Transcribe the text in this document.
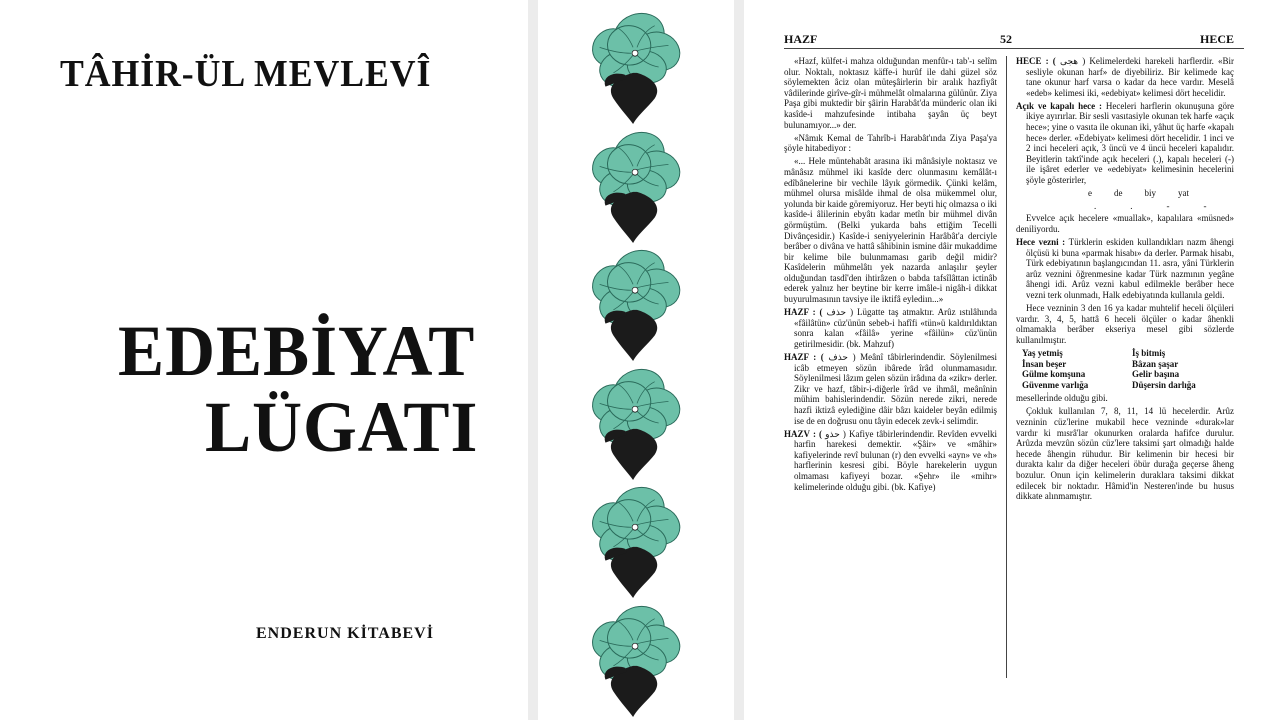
TÂHİR-ÜL MEVLEVÎ
EDEBİYAT
LÜGATI
ENDERUN KİTABEVİ
HAZF	52	HECE

«Hazf, külfet-i mahza olduğundan menfûr-ı tab'-ı selîm olur. Noktalı, noktasız käffe-i hurûf ile dahi güzel söz söylemekten âciz olan müteşâirlerin bir aralık hazfiyât vâdilerinde girîve-gîr-i mühmelât olmalarına gülünür. Ziya Paşa gibi muktedir bir şâirin Harabât'da münderic olan iki kasîde-i mahzufesinde intibaha şayân üç beyt bulunamıyor...» der.

«Nâmık Kemal de Tahrîb-i Harabât'ında Ziya Paşa'ya şöyle hitabediyor :

«... Hele müntehabât arasına iki mânâsiyle noktasız ve mânâsız mühmel iki kasîde derc olunmasını kemâlât-ı edîbânelerine bir vechile lâyık görmedik. Çünki kelâm, mühmel olursa misâlde ihmal de olsa mükemmel olur, yolunda bir kaide göremiyoruz. Her beyti hiç olmazsa o iki kasîde-i âlilerinin ebyâtı kadar metîn bir mühmel divân görmüştüm. (Belki yukarda bahs ettiğim Tecelli Divânçesidir.) Kasîde-i seniyyelerinin Harâbât'a derciyle berâber o divâna ve hattâ sâhibinin ismine dâir mukaddime bir kelime bile bulunmaması garib değil midir? Kasîdelerin mühmelâtı yek nazarda anlaşılır şeyler olduğundan tasdî'den ihtirâzen o babda tafsîlâttan ictinâb ederek yalnız her beytine bir kerre imâle-i nigâh-i dikkat buyurulmasının tavsiye ile iktifâ eylediın...»

HAZF : ( حذف ) Lügatte taş atmaktır. Arûz ıstılâhında «fâilâtün» cüz'ünün sebeb-i hafîfi «tün»ü kaldırıldıktan sonra kalan «fâilâ» yerine «fâilün» cüz'ünün getirilmesidir. (bk. Mahzuf)

HAZF : ( حذف ) Meânî tâbirlerindendir. Söylenilmesi icâb etmeyen sözün ibârede îrâd olunmamasıdır. Söylenilmesi lâzım gelen sözün irâdına da «zikr» derler. Zikr ve hazf, tâbir-i-diğerle îrâd ve ihmâl, meânînin mühim bahislerindendir. Sözün nerede zikri, nerede hazfi iktizâ eylediğine dâir bâzı kaideler beyân edilmiş ise de en doğrusu onu tâyin edecek zevk-i selimdir.

HAZV : ( حذو ) Kafiye tâbirlerindendir. Revîden evvelki harfin harekesi demektir. «Şâir» ve «mâhir» kafiyelerinde revî bulunan (r) den evvelki «ayn» ve «h» harflerinin kesresi gibi. Böyle harekelerin uygun olmaması kafiyeyi bozar. «Şehr» ile «mihr» kelimelerinde olduğu gibi. (bk. Kafiye)

HECE : ( هجی ) Kelimelerdeki harekeli harflerdir. «Bir sesliyle okunan harf» de diyebiliriz. Bir kelimede kaç tane okunur harf varsa o kadar da hece vardır. Meselâ «edeb» kelimesi iki, «edebiyat» kelimesi dört hecelidir.

Açık ve kapalı hece : Heceleri harflerin okunuşuna göre ikiye ayırırlar. Bir sesli vasıtasiyle okunan tek harfe «açık hece»; yine o vasıta ile okunan iki, yâhut üç harfe «kapalı hece» derler. «Edebiyat» kelimesi dört hecelidir. 1 inci ve 2 inci heceleri açık, 3 üncü ve 4 üncü heceleri kapalıdır. Beyitlerin taktî'inde açık heceleri (.), kapalı heceleri (-) ile işâret ederler ve «edebiyat» kelimesinin hecelerini şöyle gösterirler,

e de biy yat
.	.	-	-

Evvelce açık hecelere «muallak», kapalılara «müsned» deniliyordu.

Hece vezni : Türklerin eskiden kullandıkları nazm âhengi ölçüsü ki buna «parmak hisabı» da derler. Parmak hisabı, Türk edebiyatının başlangıcından 11. asra, yâni Türklerin arûz veznini öğrenmesine kadar Türk nazmının yegâne âhengi idi. Arûz vezni kabul edilmekle berâber hece vezni terk olunmadı, Halk edebiyatında kullanıla geldi.

Hece vezninin 3 den 16 ya kadar muhtelif heceli ölçüleri vardır. 3, 4, 5, hattâ 6 heceli ölçüler o kadar âhenkli olmamakla berâber ekseriya mesel gibi sözlerde kullanılmıştır.

Yaş yetmiş	İş bitmiş
İnsan beşer	Bâzan şaşar
Gülme komşuna	Gelir başına
Güvenme varlığa	Düşersin darlığa

meselleri̇nde olduğu gibi.

Çokluk kullanılan 7, 8, 11, 14 lü hecelerdir. Arûz vezninin cüz'lerine mukabil hece vezninde «durak»lar vardır ki mısrâ'lar okunurken oralarda hafifce durulur. Arûzda mevzûn sözün cüz'lere taksimi şart olmadığı halde hecede âhengin rühudur. Bir kelimenin bir hecesi bir durakta kalır da diğer heceleri öbür durağa geçerse âheng bozulur. Onun için kelimelerin duraklara taksimi dikkat edilecek bir noktadır. Hâmid'in Nesteren'inde bu husus dikkate alınmamıştır.
